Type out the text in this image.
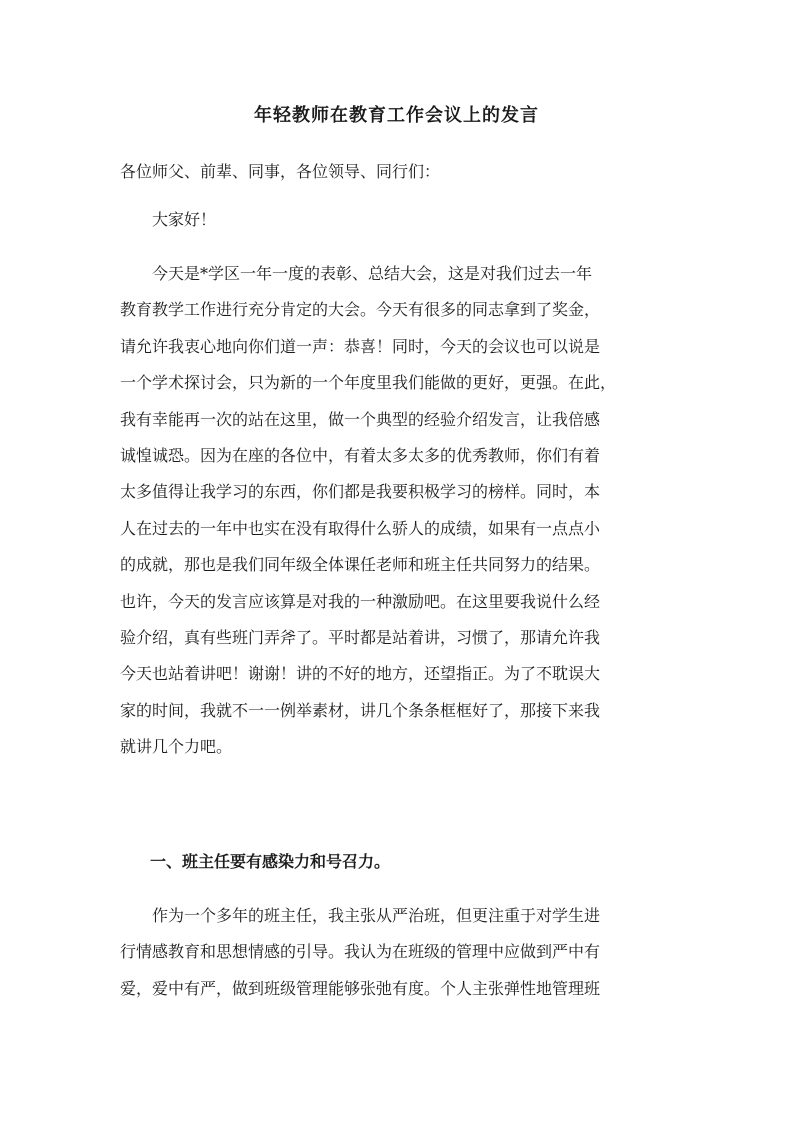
年轻教师在教育工作会议上的发言
各位师父、前辈、同事，各位领导、同行们：
大家好！
今天是*学区一年一度的表彰、总结大会，这是对我们过去一年
教育教学工作进行充分肯定的大会。今天有很多的同志拿到了奖金，
请允许我衷心地向你们道一声：恭喜！同时，今天的会议也可以说是
一个学术探讨会，只为新的一个年度里我们能做的更好，更强。在此，
我有幸能再一次的站在这里，做一个典型的经验介绍发言，让我倍感
诚惶诚恐。因为在座的各位中，有着太多太多的优秀教师，你们有着
太多值得让我学习的东西，你们都是我要积极学习的榜样。同时，本
人在过去的一年中也实在没有取得什么骄人的成绩，如果有一点点小
的成就，那也是我们同年级全体课任老师和班主任共同努力的结果。
也许，今天的发言应该算是对我的一种激励吧。在这里要我说什么经
验介绍，真有些班门弄斧了。平时都是站着讲，习惯了，那请允许我
今天也站着讲吧！谢谢！讲的不好的地方，还望指正。为了不耽误大
家的时间，我就不一一例举素材，讲几个条条框框好了，那接下来我
就讲几个力吧。
一、班主任要有感染力和号召力。
作为一个多年的班主任，我主张从严治班，但更注重于对学生进
行情感教育和思想情感的引导。我认为在班级的管理中应做到严中有
爱，爱中有严，做到班级管理能够张弛有度。个人主张弹性地管理班
